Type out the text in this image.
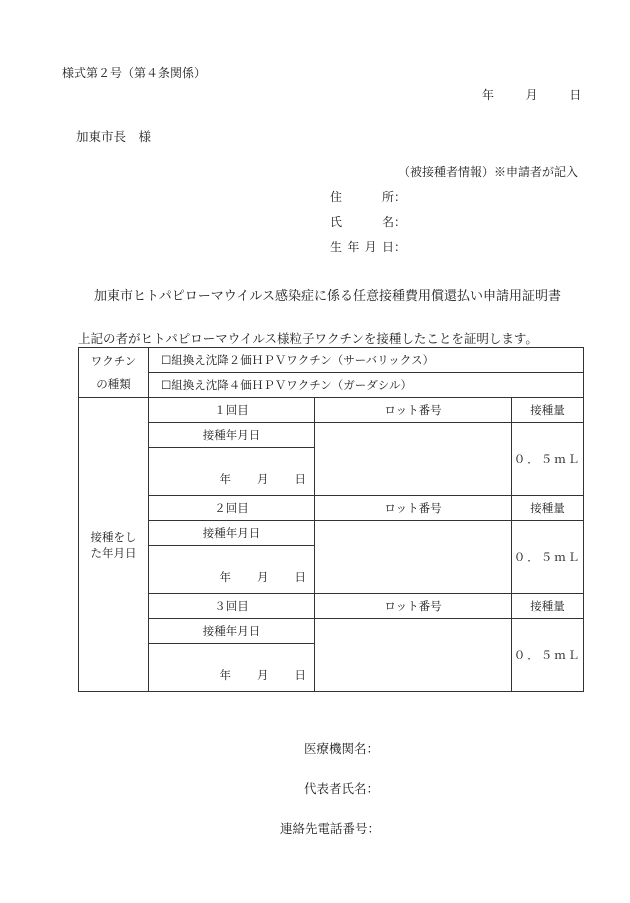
様式第２号（第４条関係）
年	月	日
加東市長　様
（被接種者情報）※申請者が記入
住　　所：
氏　　名：
生年月日：
加東市ヒトパピローマウイルス感染症に係る任意接種費用償還払い申請用証明書
上記の者がヒトパピローマウイルス様粒子ワクチンを接種したことを証明します。
ワクチン
の種類	☐組換え沈降２価ＨＰＶワクチン（サーバリックス）		
	☐組換え沈降４価ＨＰＶワクチン（ガーダシル）		

接種をし
た年月日	１回目	ロット番号	接種量
	接種年月日		０．５ｍＬ
	年 月 日		
	２回目	ロット番号	接種量
	接種年月日		０．５ｍＬ
	年 月 日		
	３回目	ロット番号	接種量
	接種年月日		０．５ｍＬ
	年 月 日		
医療機関名：
代表者氏名：
連絡先電話番号：
